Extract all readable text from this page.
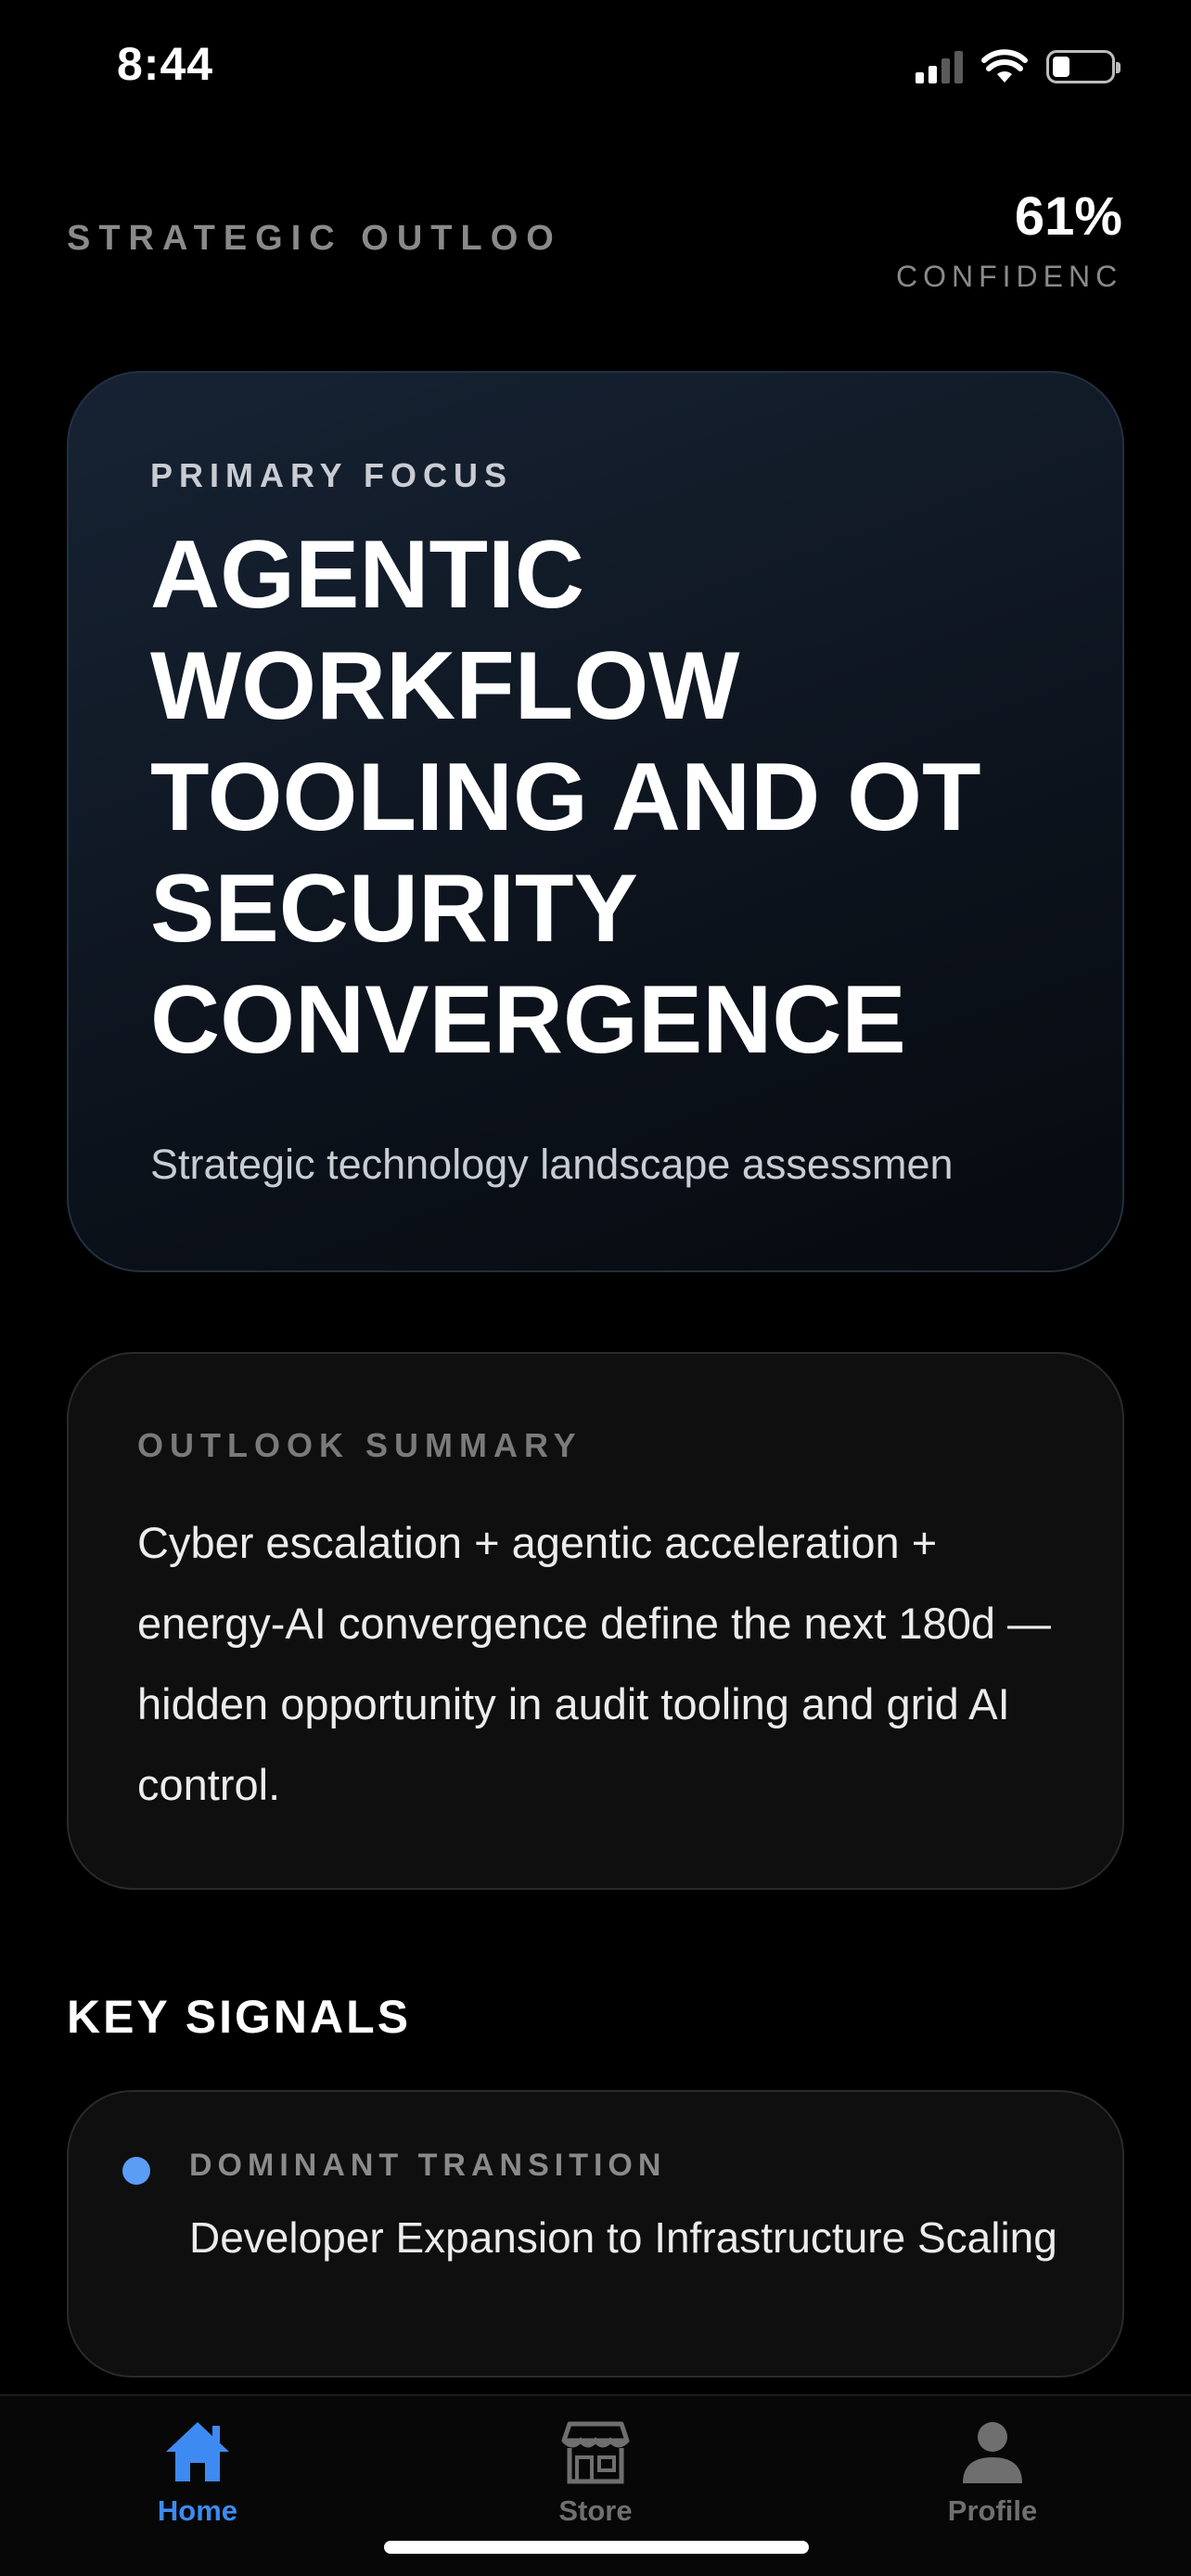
8:44
STRATEGIC OUTLOO	61%
CONFIDENC
PRIMARY FOCUS
AGENTIC WORKFLOW TOOLING AND OT SECURITY CONVERGENCE
Strategic technology landscape assessmen
OUTLOOK SUMMARY

Cyber escalation + agentic acceleration + energy-AI convergence define the next 180d — hidden opportunity in audit tooling and grid AI control.

KEY SIGNALS
DOMINANT TRANSITION

Developer Expansion to Infrastructure Scaling

Home	Store	Profile
